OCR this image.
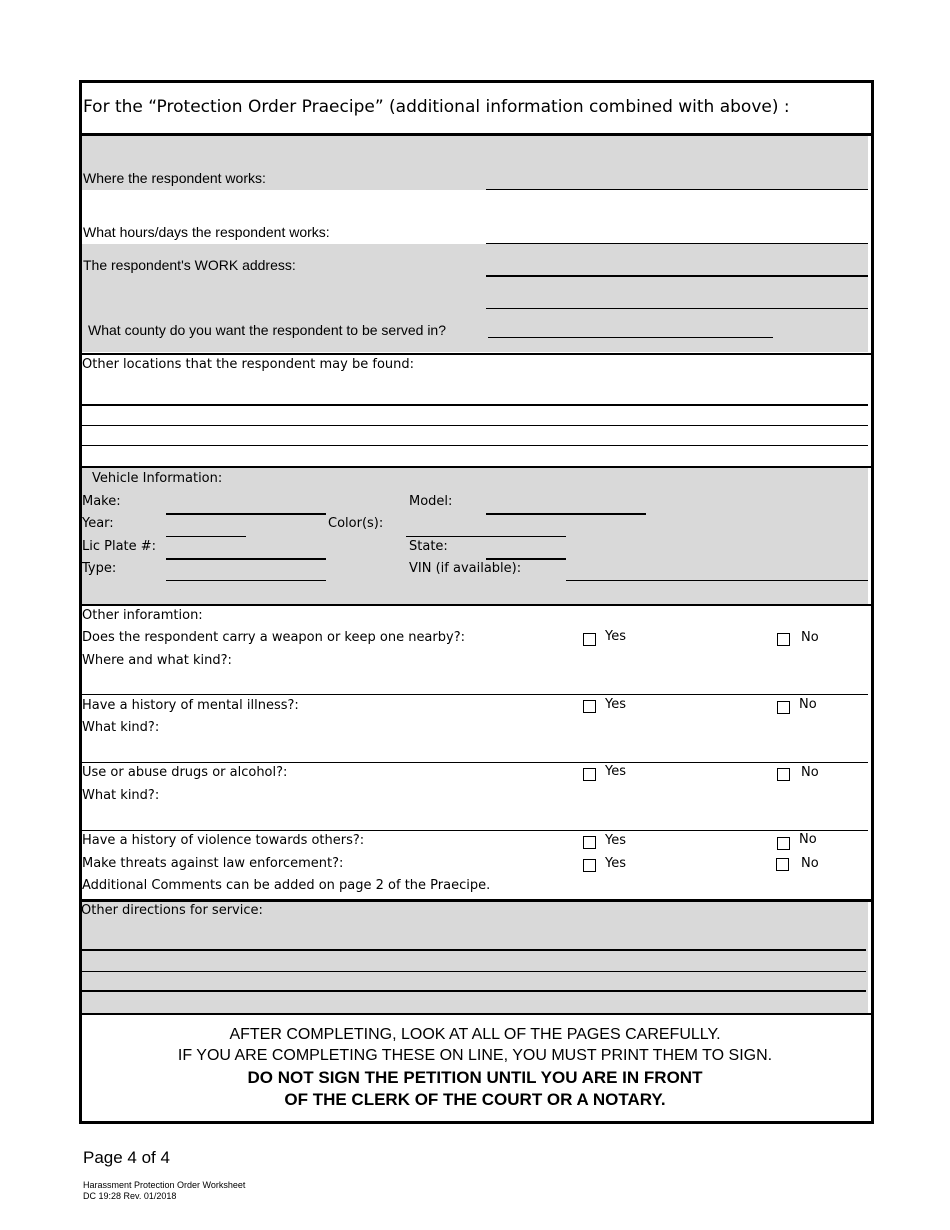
For the “Protection Order Praecipe” (additional information combined with above) :
Where the respondent works:
What hours/days the respondent works:
The respondent's WORK address:
What county do you want the respondent to be served in?
Other locations that the respondent may be found:
Vehicle Information:
Make:	Model:
Year:	Color(s):
Lic Plate #:	State:
Type:	VIN (if available):
Other inforamtion:
Does the respondent carry a weapon or keep one nearby?:	Yes	No
Where and what kind?:
Have a history of mental illness?:	Yes	No
What kind?:
Use or abuse drugs or alcohol?:	Yes	No
What kind?:
Have a history of violence towards others?:	Yes	No
Make threats against law enforcement?:	Yes	No
Additional Comments can be added on page 2 of the Praecipe.
Other directions for service:
AFTER COMPLETING, LOOK AT ALL OF THE PAGES CAREFULLY.
IF YOU ARE COMPLETING THESE ON LINE, YOU MUST PRINT THEM TO SIGN.
DO NOT SIGN THE PETITION UNTIL YOU ARE IN FRONT
OF THE CLERK OF THE COURT OR A NOTARY.
Page 4 of 4
Harassment Protection Order Worksheet
DC 19:28 Rev. 01/2018
